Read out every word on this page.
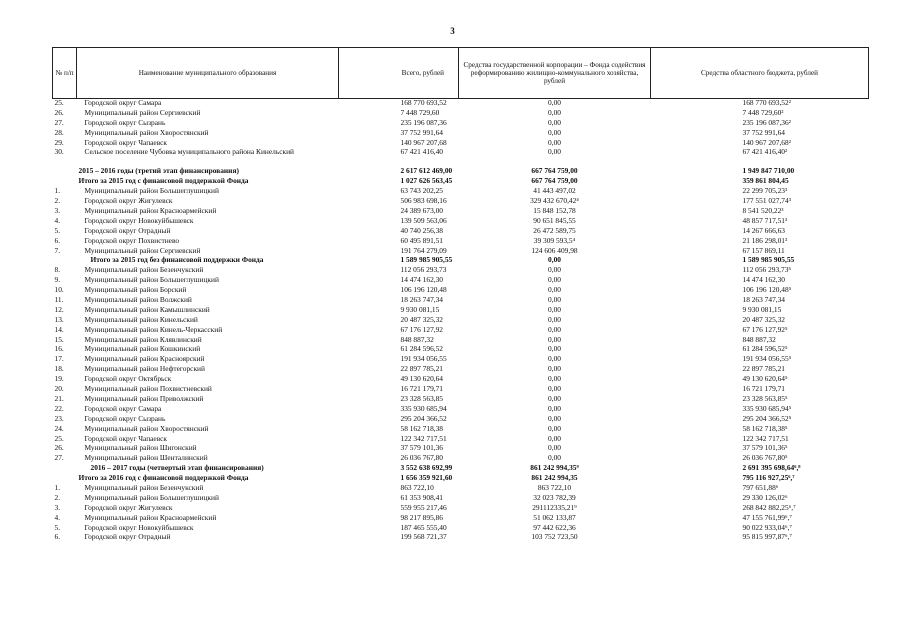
3
№ п/п	Наименование муниципального образования	Всего, рублей	Средства государственной корпорации – Фонда содействия реформированию жилищно-коммунального хозяйства, рублей	Средства областного бюджета, рублей
25.	Городской округ Самара	168 770 693,52	0,00	168 770 693,52²
26.	Муниципальный район Сергиевский	7 448 729,60	0,00	7 448 729,60²
27.	Городской округ Сызрань	235 196 087,36	0,00	235 196 087,36²
28.	Муниципальный район Хворостянский	37 752 991,64	0,00	37 752 991,64
29.	Городской округ Чапаевск	140 967 207,68	0,00	140 967 207,68²
30.	Сельское поселение Чубовка муниципального района Кинельский	67 421 416,40	0,00	67 421 416,40²
	2015 – 2016 годы (третий этап финансирования)	2 617 612 469,00	667 764 759,00	1 949 847 710,00
	Итого за 2015 год с финансовой поддержкой Фонда	1 027 626 563,45	667 764 759,00	359 861 804,45
1.	Муниципальный район Большеглушицкий	63 743 202,25	41 443 497,02	22 299 705,23³
2.	Городской округ Жигулевск	506 983 698,16	329 432 670,42⁴	177 551 027,74³
3.	Муниципальный район Красноармейский	24 389 673,00	15 848 152,78	8 541 520,22³
4.	Городской округ Новокуйбышевск	139 509 563,06	90 651 845,55	48 857 717,51³
5.	Городской округ Отрадный	40 740 256,38	26 472 589,75	14 267 666,63
6.	Городской округ Похвистнево	60 495 891,51	39 309 593,5⁴	21 186 298,01³
7.	Муниципальный район Сергиевский	191 764 279,09	124 606 409,98	67 157 869,11
	Итого за 2015 год без финансовой поддержки Фонда	1 589 985 905,55	0,00	1 589 985 905,55
8.	Муниципальный район Безенчукский	112 056 293,73	0,00	112 056 293,73⁵
9.	Муниципальный район Большеглушицкий	14 474 162,30	0,00	14 474 162,30
10.	Муниципальный район Борский	106 196 120,48	0,00	106 196 120,48⁵
11.	Муниципальный район Волжский	18 263 747,34	0,00	18 263 747,34
12.	Муниципальный район Камышлинский	9 930 081,15	0,00	9 930 081,15
13.	Муниципальный район Кинельский	20 487 325,32	0,00	20 487 325,32
14.	Муниципальный район Кинель-Черкасский	67 176 127,92	0,00	67 176 127,92⁵
15.	Муниципальный район Клявлинский	848 887,32	0,00	848 887,32
16.	Муниципальный район Кошкинский	61 284 596,52	0,00	61 284 596,52⁵
17.	Муниципальный район Красноярский	191 934 056,55	0,00	191 934 056,55⁵
18.	Муниципальный район Нефтегорский	22 897 785,21	0,00	22 897 785,21
19.	Городской округ Октябрьск	49 130 620,64	0,00	49 130 620,64⁵
20.	Муниципальный район Похвистневский	16 721 179,71	0,00	16 721 179,71
21.	Муниципальный район Приволжский	23 328 563,85	0,00	23 328 563,85⁵
22.	Городской округ Самара	335 930 685,94	0,00	335 930 685,94⁵
23.	Городской округ Сызрань	295 204 366,52	0,00	295 204 366,52⁵
24.	Муниципальный район Хворостянский	58 162 718,38	0,00	58 162 718,38⁵
25.	Городской округ Чапаевск	122 342 717,51	0,00	122 342 717,51
26.	Муниципальный район Шигонский	37 579 101,36	0,00	37 579 101,36⁵
27.	Муниципальный район Шенталинский	26 036 767,80	0,00	26 036 767,80⁵
	2016 – 2017 годы (четвертый этап финансирования)	3 552 638 692,99	861 242 994,35⁹	2 691 395 698,64⁶,⁸
	Итого за 2016 год с финансовой поддержкой Фонда	1 656 359 921,60	861 242 994,35	795 116 927,25⁶,⁷
1.	Муниципальный район Безенчукский	863 722,10	863 722,10	797 651,88⁶
2.	Муниципальный район Большеглушицкий	61 353 908,41	32 023 782,39	29 330 126,02⁶
3.	Городской округ Жигулевск	559 955 217,46	291112335,21⁹	268 842 882,25⁶,⁷
4.	Муниципальный район Красноармейский	98 217 895,86	51 062 133,87	47 155 761,99⁶,⁷
5.	Городской округ Новокуйбышевск	187 465 555,40	97 442 622,36	90 022 933,04⁶,⁷
6.	Городской округ Отрадный	199 568 721,37	103 752 723,50	95 815 997,87⁶,⁷
